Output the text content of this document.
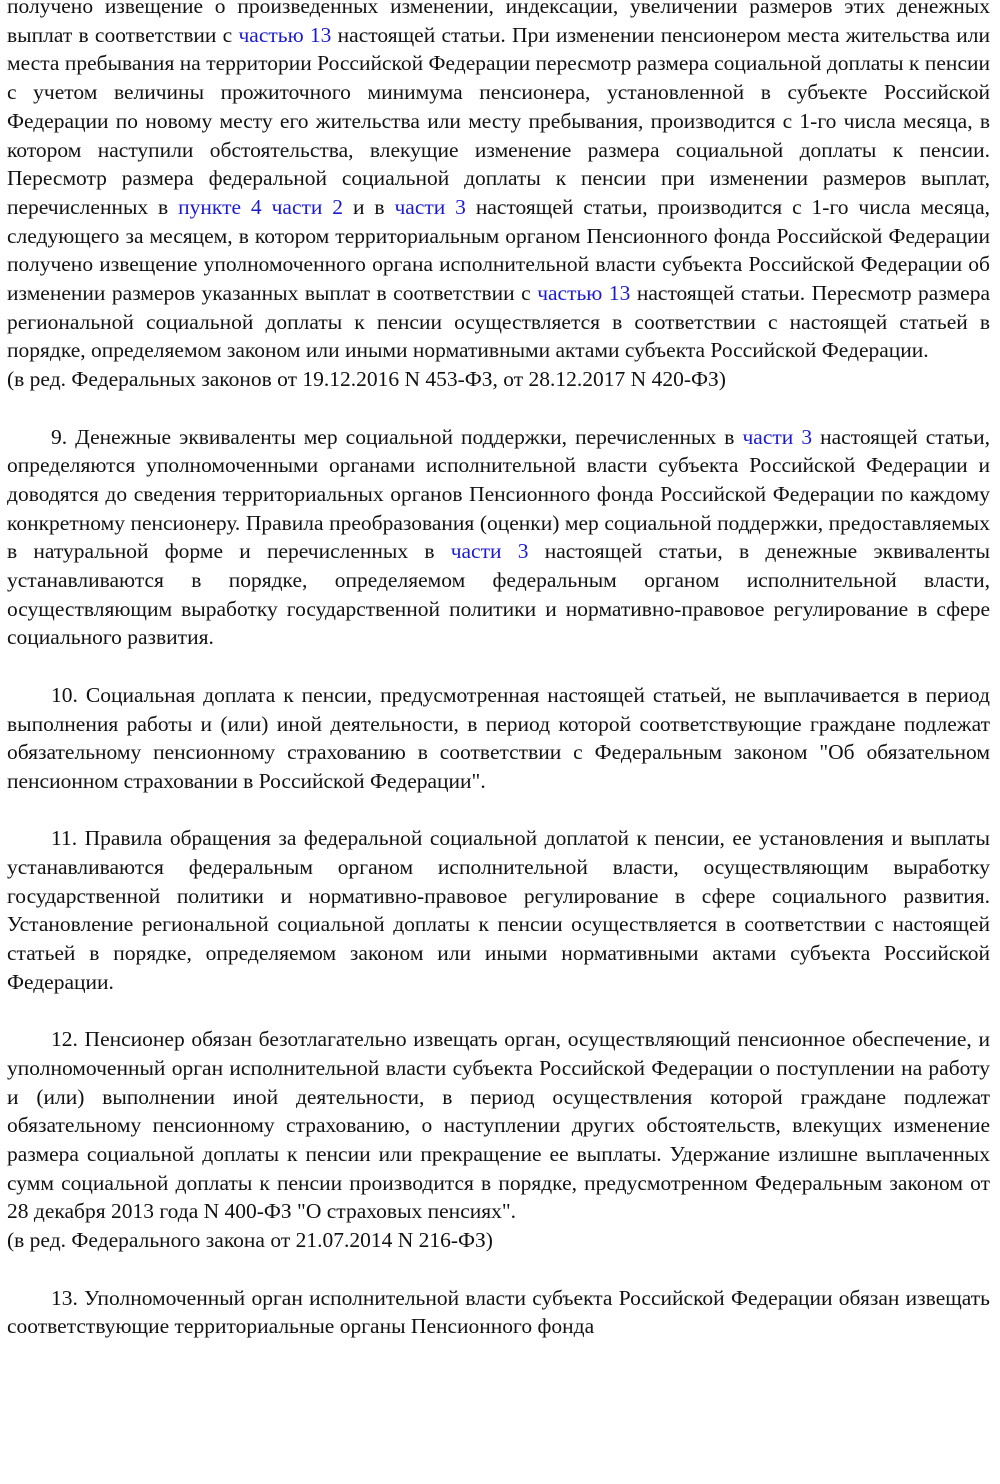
получено извещение о произведенных изменении, индексации, увеличении размеров этих денежных выплат в соответствии с частью 13 настоящей статьи. При изменении пенсионером места жительства или места пребывания на территории Российской Федерации пересмотр размера социальной доплаты к пенсии с учетом величины прожиточного минимума пенсионера, установленной в субъекте Российской Федерации по новому месту его жительства или месту пребывания, производится с 1-го числа месяца, в котором наступили обстоятельства, влекущие изменение размера социальной доплаты к пенсии. Пересмотр размера федеральной социальной доплаты к пенсии при изменении размеров выплат, перечисленных в пункте 4 части 2 и в части 3 настоящей статьи, производится с 1-го числа месяца, следующего за месяцем, в котором территориальным органом Пенсионного фонда Российской Федерации получено извещение уполномоченного органа исполнительной власти субъекта Российской Федерации об изменении размеров указанных выплат в соответствии с частью 13 настоящей статьи. Пересмотр размера региональной социальной доплаты к пенсии осуществляется в соответствии с настоящей статьей в порядке, определяемом законом или иными нормативными актами субъекта Российской Федерации.

(в ред. Федеральных законов от 19.12.2016 N 453-ФЗ, от 28.12.2017 N 420-ФЗ)

9. Денежные эквиваленты мер социальной поддержки, перечисленных в части 3 настоящей статьи, определяются уполномоченными органами исполнительной власти субъекта Российской Федерации и доводятся до сведения территориальных органов Пенсионного фонда Российской Федерации по каждому конкретному пенсионеру. Правила преобразования (оценки) мер социальной поддержки, предоставляемых в натуральной форме и перечисленных в части 3 настоящей статьи, в денежные эквиваленты устанавливаются в порядке, определяемом федеральным органом исполнительной власти, осуществляющим выработку государственной политики и нормативно-правовое регулирование в сфере социального развития.

10. Социальная доплата к пенсии, предусмотренная настоящей статьей, не выплачивается в период выполнения работы и (или) иной деятельности, в период которой соответствующие граждане подлежат обязательному пенсионному страхованию в соответствии с Федеральным законом "Об обязательном пенсионном страховании в Российской Федерации".

11. Правила обращения за федеральной социальной доплатой к пенсии, ее установления и выплаты устанавливаются федеральным органом исполнительной власти, осуществляющим выработку государственной политики и нормативно-правовое регулирование в сфере социального развития. Установление региональной социальной доплаты к пенсии осуществляется в соответствии с настоящей статьей в порядке, определяемом законом или иными нормативными актами субъекта Российской Федерации.

12. Пенсионер обязан безотлагательно извещать орган, осуществляющий пенсионное обеспечение, и уполномоченный орган исполнительной власти субъекта Российской Федерации о поступлении на работу и (или) выполнении иной деятельности, в период осуществления которой граждане подлежат обязательному пенсионному страхованию, о наступлении других обстоятельств, влекущих изменение размера социальной доплаты к пенсии или прекращение ее выплаты. Удержание излишне выплаченных сумм социальной доплаты к пенсии производится в порядке, предусмотренном Федеральным законом от 28 декабря 2013 года N 400-ФЗ "О страховых пенсиях".

(в ред. Федерального закона от 21.07.2014 N 216-ФЗ)

13. Уполномоченный орган исполнительной власти субъекта Российской Федерации обязан извещать соответствующие территориальные органы Пенсионного фонда
